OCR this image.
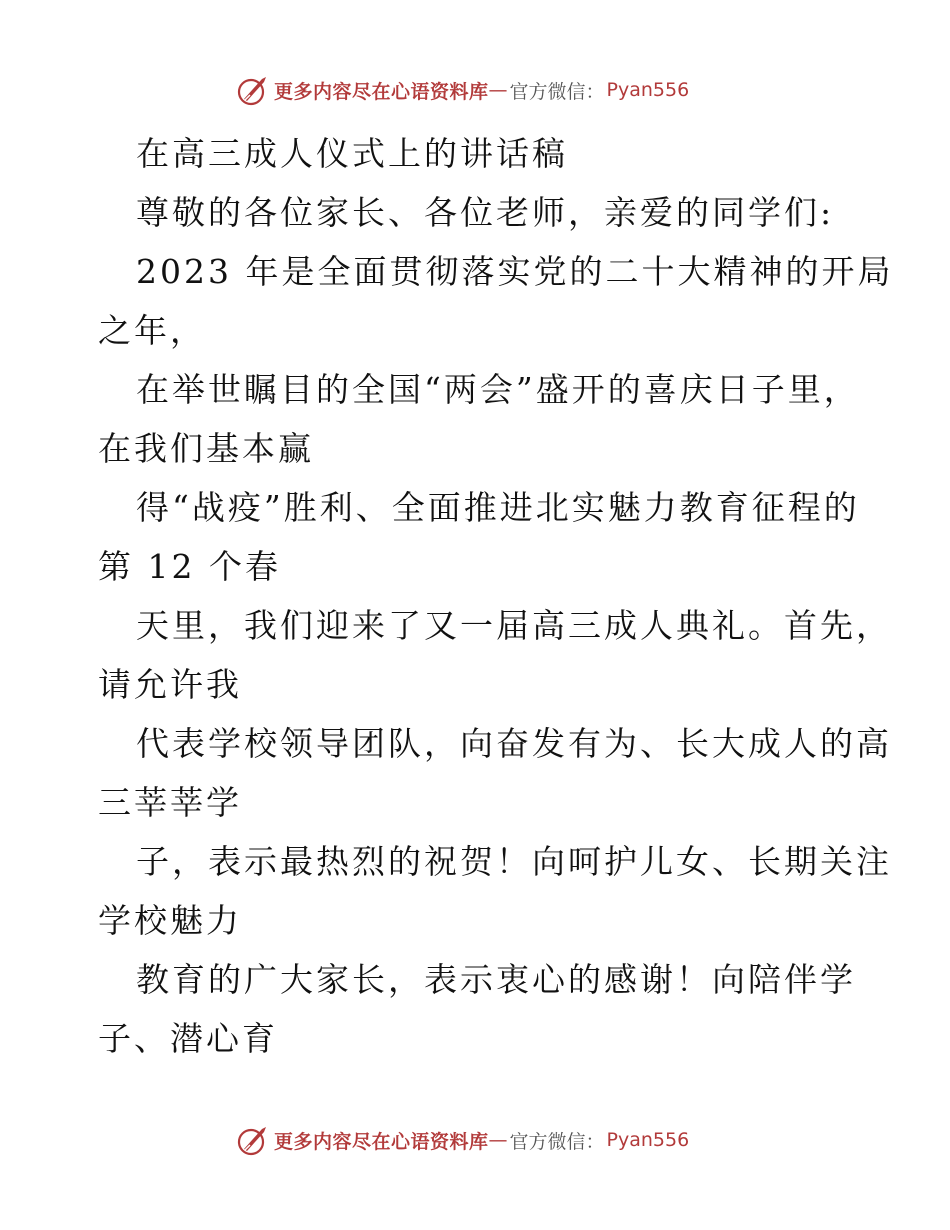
更多内容尽在心语资料库 — 官方微信： Pyan556
在高三成人仪式上的讲话稿
尊敬的各位家长、各位老师，亲爱的同学们:
2023 年是全面贯彻落实党的二十大精神的开局
之年，
在举世瞩目的全国“两会”盛开的喜庆日子里，
在我们基本赢
得“战疫”胜利、全面推进北实魅力教育征程的
第 12 个春
天里，我们迎来了又一届高三成人典礼。首先，
请允许我
代表学校领导团队，向奋发有为、长大成人的高
三莘莘学
子，表示最热烈的祝贺！向呵护儿女、长期关注
学校魅力
教育的广大家长，表示衷心的感谢！向陪伴学
子、潜心育
更多内容尽在心语资料库 — 官方微信： Pyan556
